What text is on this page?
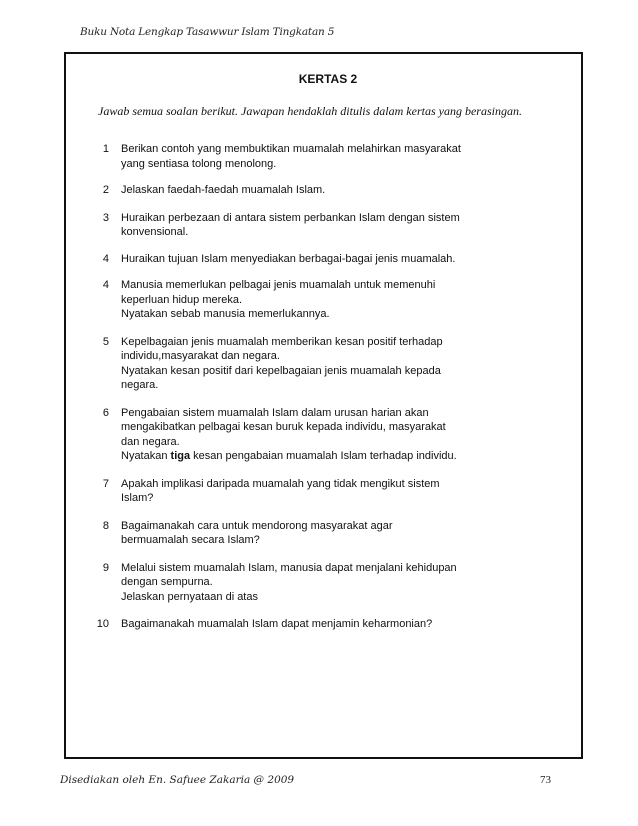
Buku Nota Lengkap Tasawwur Islam Tingkatan 5
KERTAS 2
Jawab semua soalan berikut. Jawapan hendaklah ditulis dalam kertas yang berasingan.
1	Berikan contoh yang membuktikan muamalah melahirkan masyarakat
yang sentiasa tolong menolong.
2	Jelaskan faedah-faedah muamalah Islam.
3	Huraikan perbezaan di antara sistem perbankan Islam dengan sistem
konvensional.
4	Huraikan tujuan Islam menyediakan berbagai-bagai jenis muamalah.
4	Manusia memerlukan pelbagai jenis muamalah untuk memenuhi
keperluan hidup mereka.
Nyatakan sebab manusia memerlukannya.
5	Kepelbagaian jenis muamalah memberikan kesan positif terhadap
individu,masyarakat dan negara.
Nyatakan kesan positif dari kepelbagaian jenis muamalah kepada
negara.
6	Pengabaian sistem muamalah Islam dalam urusan harian akan
mengakibatkan pelbagai kesan buruk kepada individu, masyarakat
dan negara.
Nyatakan tiga kesan pengabaian muamalah Islam terhadap individu.
7	Apakah implikasi daripada muamalah yang tidak mengikut sistem
Islam?
8	Bagaimanakah cara untuk mendorong masyarakat agar
bermuamalah secara Islam?
9	Melalui sistem muamalah Islam, manusia dapat menjalani kehidupan
dengan sempurna.
Jelaskan pernyataan di atas
10	Bagaimanakah muamalah Islam dapat menjamin keharmonian?
Disediakan oleh En. Safuee Zakaria @ 2009	73
